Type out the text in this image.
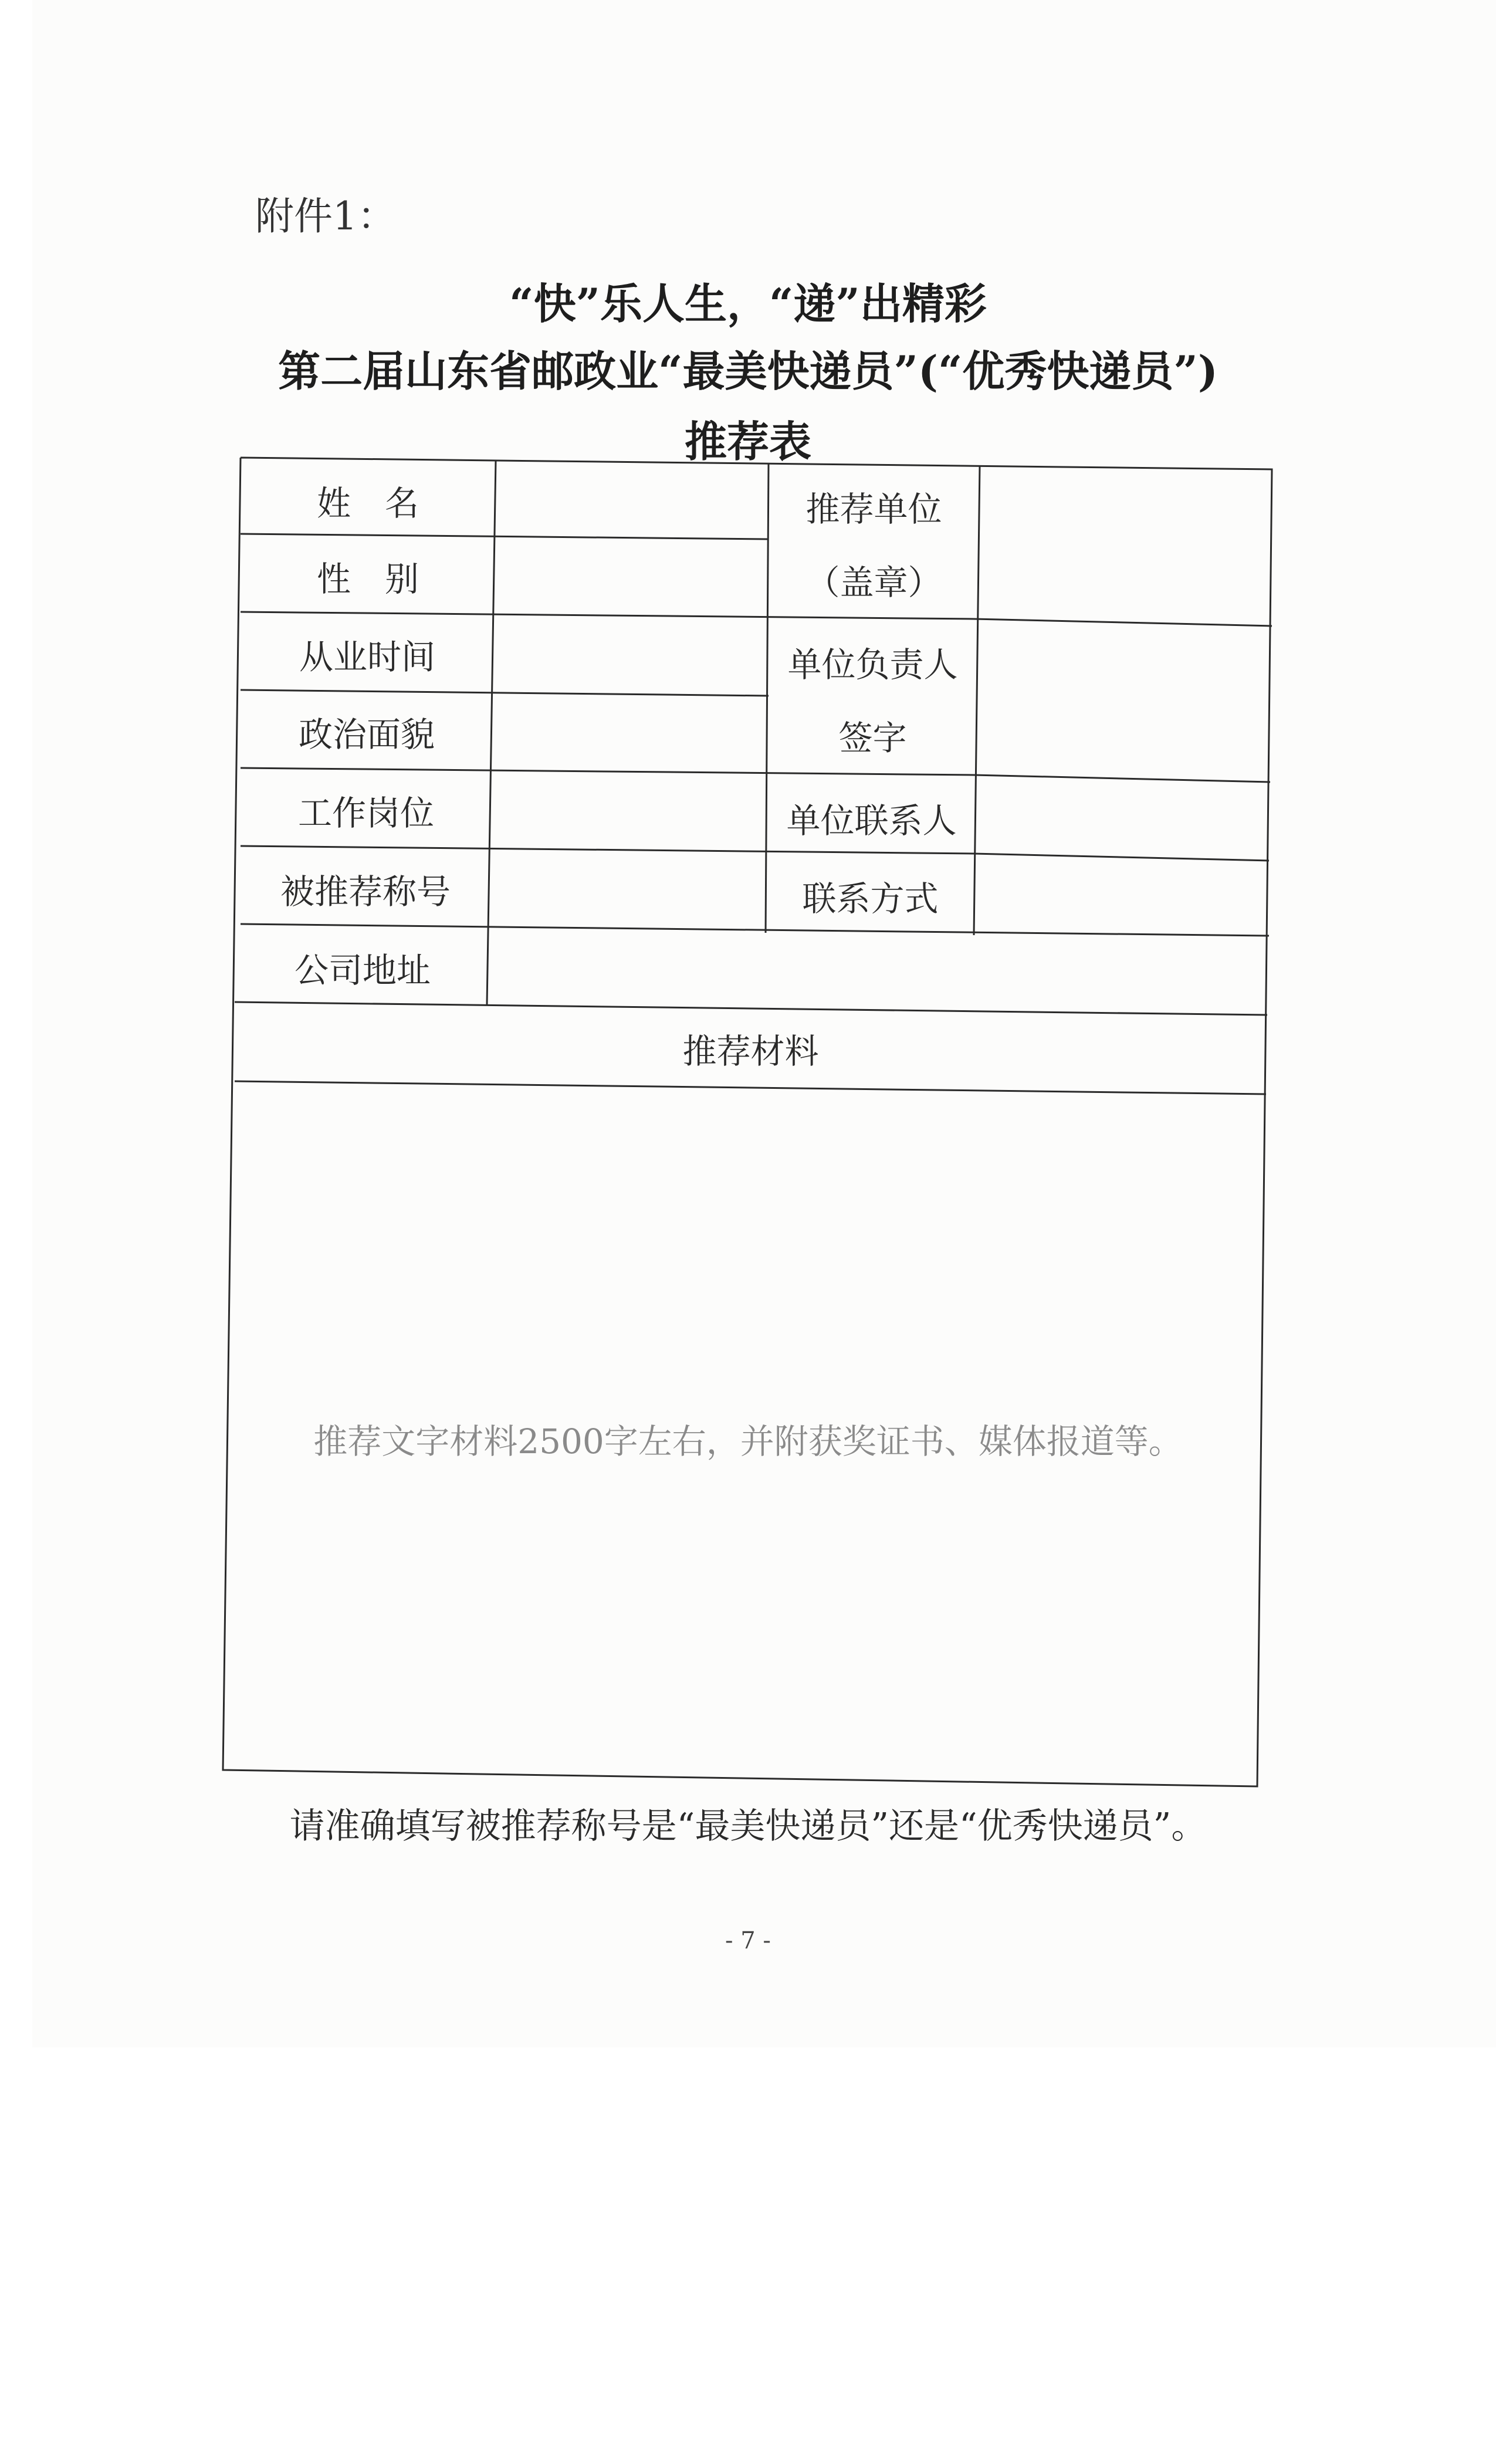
附件1：
“快”乐人生，“递”出精彩
第二届山东省邮政业“最美快递员”(“优秀快递员”)
推荐表
姓　名
性　别
从业时间
政治面貌
工作岗位
被推荐称号
公司地址
推荐单位
（盖章）
单位负责人
签字
单位联系人
联系方式
推荐材料
推荐文字材料2500字左右，并附获奖证书、媒体报道等。
请准确填写被推荐称号是“最美快递员”还是“优秀快递员”。
- 7 -
